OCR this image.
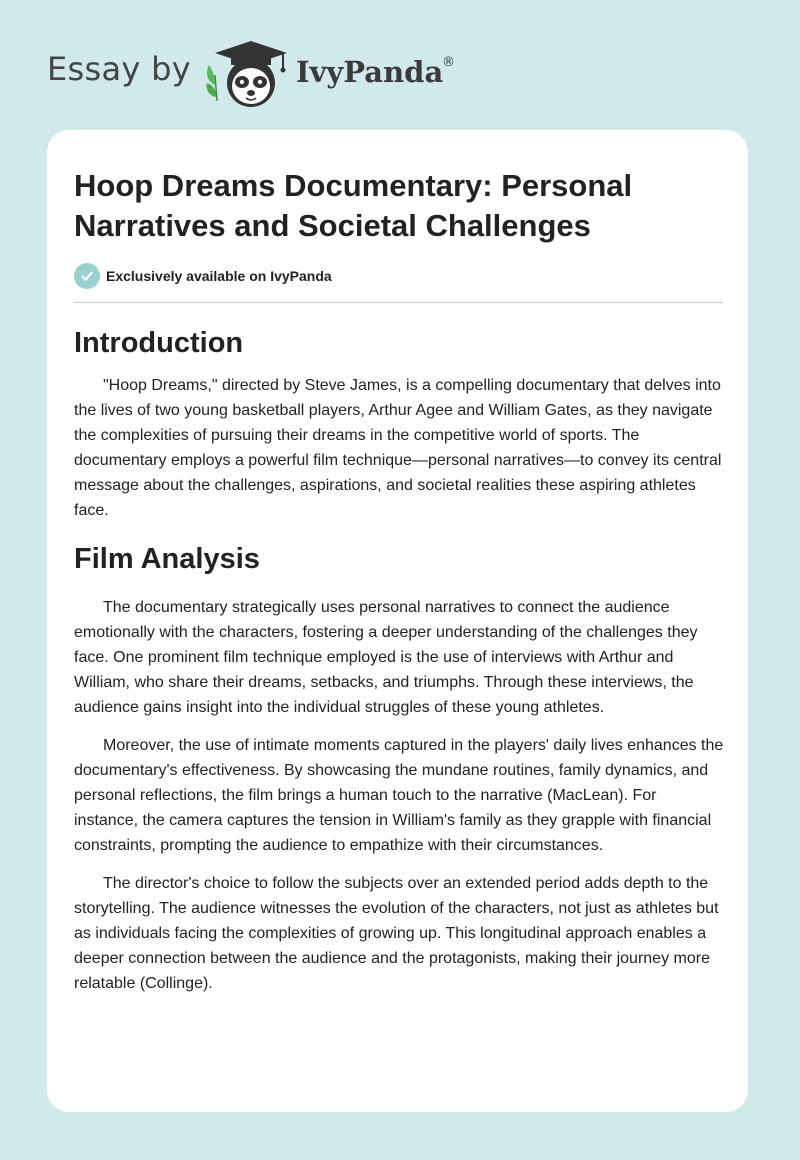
Essay by	IvyPanda
®
Hoop Dreams Documentary: Personal Narratives and Societal Challenges
Exclusively available on IvyPanda
Introduction

"Hoop Dreams," directed by Steve James, is a compelling documentary that delves into the lives of two young basketball players, Arthur Agee and William Gates, as they navigate the complexities of pursuing their dreams in the competitive world of sports. The documentary employs a powerful film technique—personal narratives—to convey its central message about the challenges, aspirations, and societal realities these aspiring athletes face.

Film Analysis

The documentary strategically uses personal narratives to connect the audience emotionally with the characters, fostering a deeper understanding of the challenges they face. One prominent film technique employed is the use of interviews with Arthur and William, who share their dreams, setbacks, and triumphs. Through these interviews, the audience gains insight into the individual struggles of these young athletes.

Moreover, the use of intimate moments captured in the players' daily lives enhances the documentary's effectiveness. By showcasing the mundane routines, family dynamics, and personal reflections, the film brings a human touch to the narrative (MacLean). For instance, the camera captures the tension in William's family as they grapple with financial constraints, prompting the audience to empathize with their circumstances.

The director's choice to follow the subjects over an extended period adds depth to the storytelling. The audience witnesses the evolution of the characters, not just as athletes but as individuals facing the complexities of growing up. This longitudinal approach enables a deeper connection between the audience and the protagonists, making their journey more relatable (Collinge).
